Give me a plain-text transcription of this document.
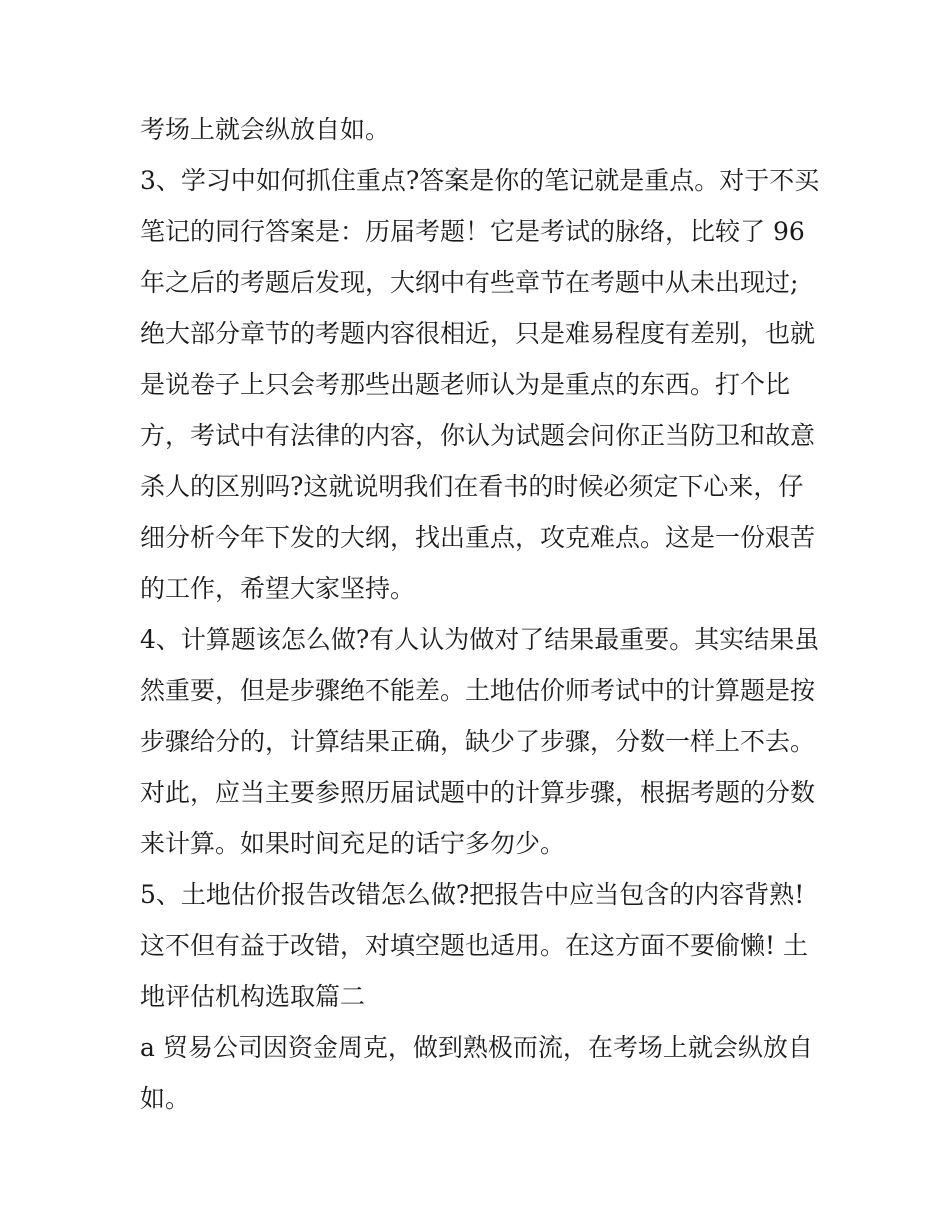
考场上就会纵放自如。
3、学习中如何抓住重点?答案是你的笔记就是重点。对于不买
笔记的同行答案是：历届考题！它是考试的脉络，比较了 96
年之后的考题后发现，大纲中有些章节在考题中从未出现过;
绝大部分章节的考题内容很相近，只是难易程度有差别，也就
是说卷子上只会考那些出题老师认为是重点的东西。打个比
方，考试中有法律的内容，你认为试题会问你正当防卫和故意
杀人的区别吗?这就说明我们在看书的时候必须定下心来，仔
细分析今年下发的大纲，找出重点，攻克难点。这是一份艰苦
的工作，希望大家坚持。
4、计算题该怎么做?有人认为做对了结果最重要。其实结果虽
然重要，但是步骤绝不能差。土地估价师考试中的计算题是按
步骤给分的，计算结果正确，缺少了步骤，分数一样上不去。
对此，应当主要参照历届试题中的计算步骤，根据考题的分数
来计算。如果时间充足的话宁多勿少。
5、土地估价报告改错怎么做?把报告中应当包含的内容背熟!
这不但有益于改错，对填空题也适用。在这方面不要偷懒! 土
地评估机构选取篇二
a 贸易公司因资金周克，做到熟极而流，在考场上就会纵放自
如。
